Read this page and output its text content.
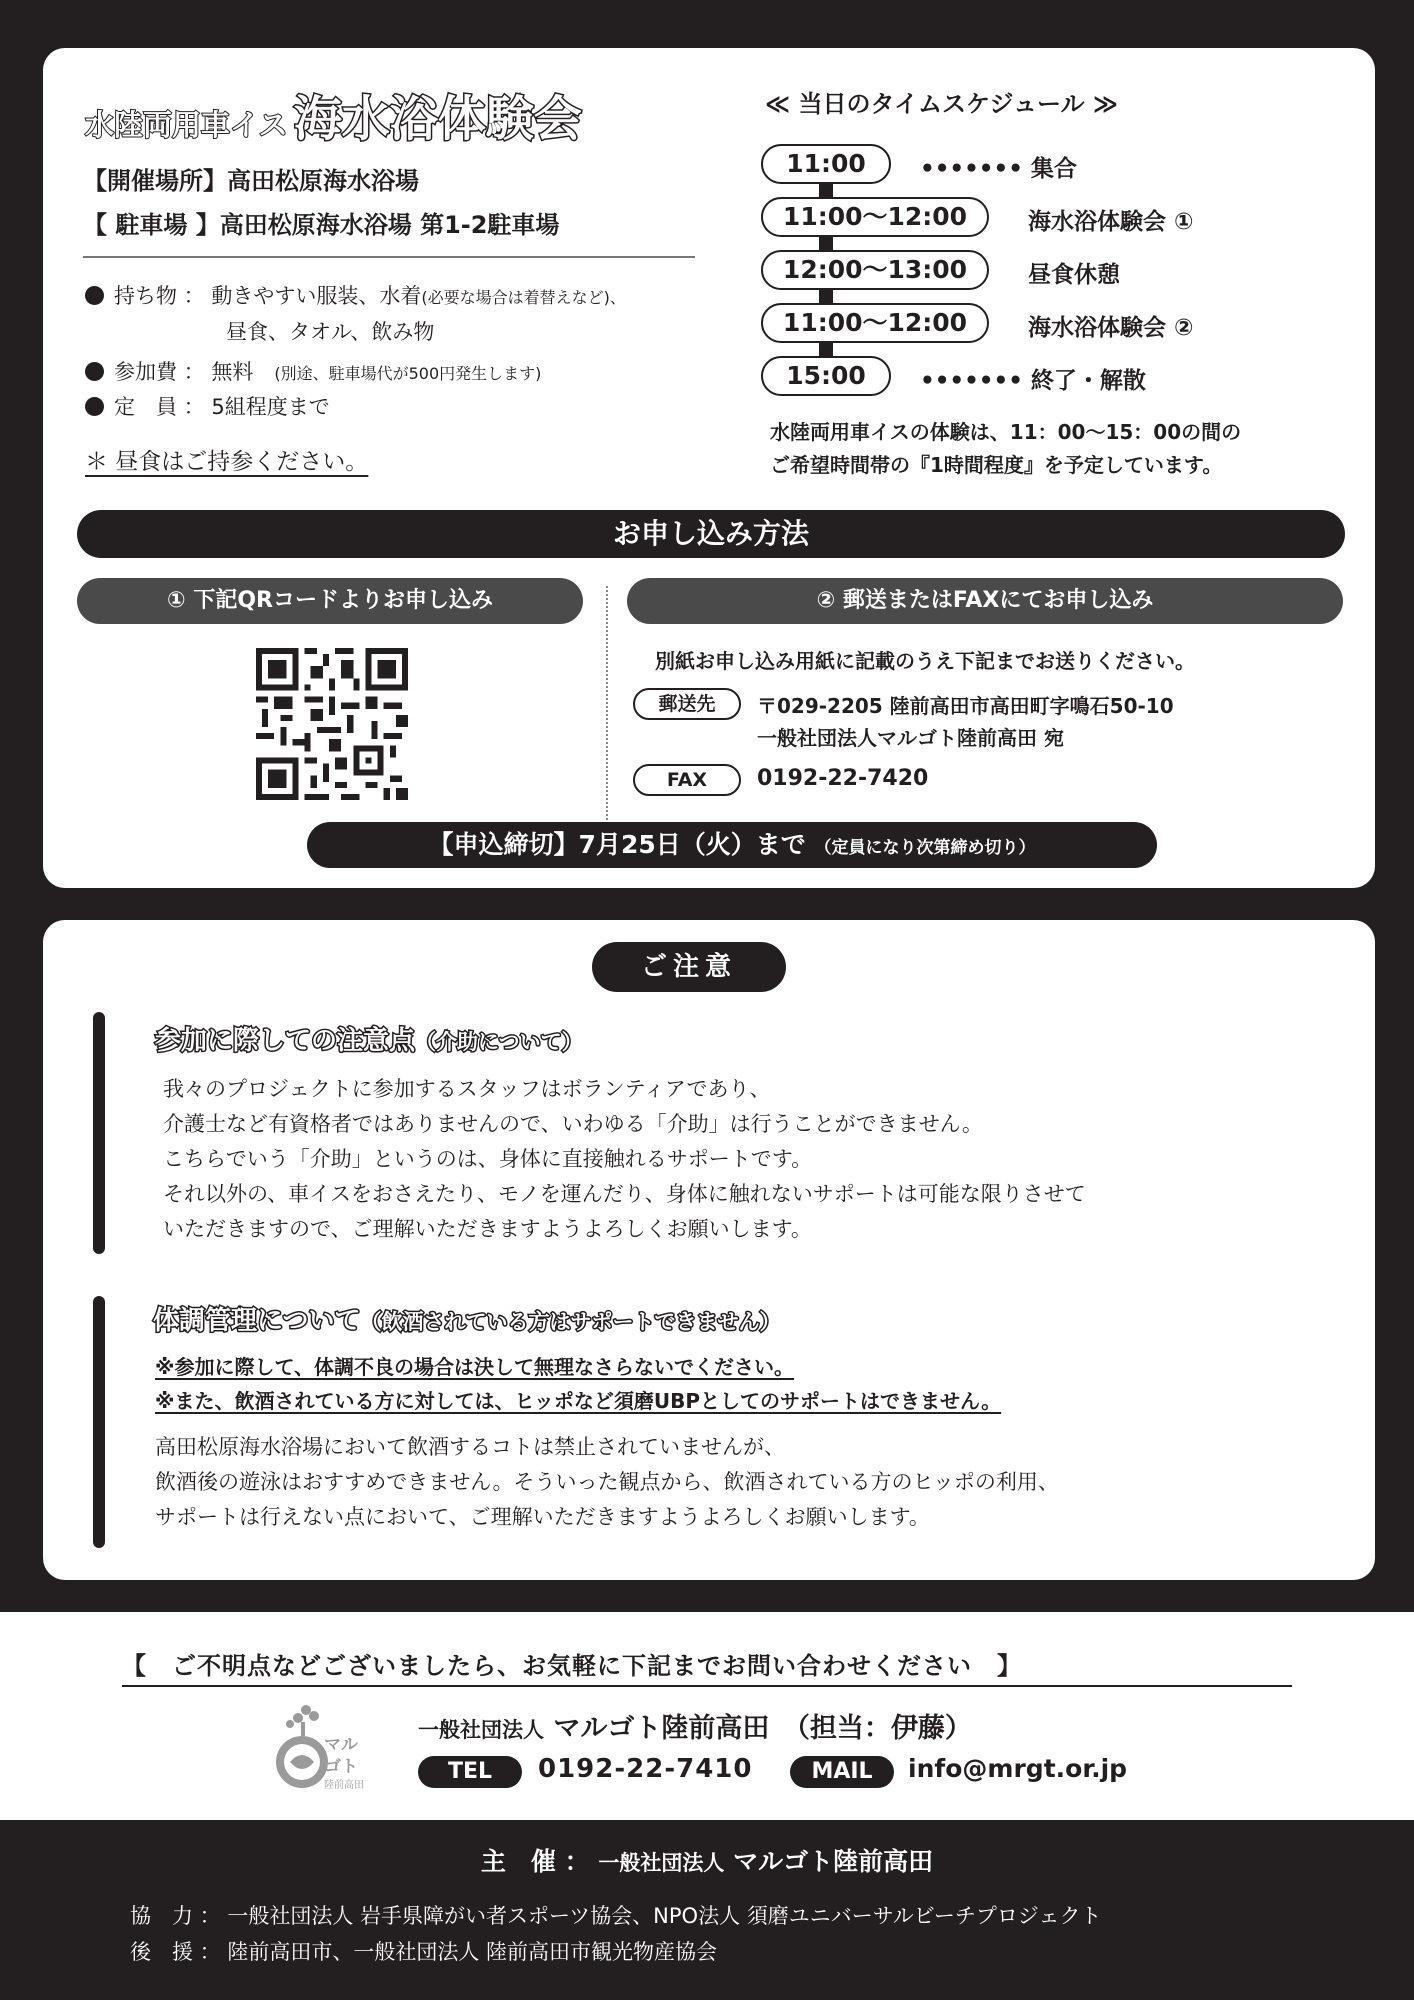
水陸両用車イス 海水浴体験会
【開催場所】高田松原海水浴場
【 駐車場 】高田松原海水浴場 第1-2駐車場
持ち物 ： 動きやすい服装、水着(必要な場合は着替えなど)、
昼食、タオル、飲み物
参加費 ： 無料　 (別途、駐車場代が500円発生します)
定　員 ： 5組程度まで
＊ 昼食はご持参ください。
≪ 当日のタイムスケジュール ≫
11:00	••••••• 集合
11:00～12:00	海水浴体験会 ①
12:00～13:00	昼食休憩
11:00～12:00	海水浴体験会 ②
15:00	••••••• 終了・解散
水陸両用車イスの体験は、11：00～15：00の間の
ご希望時間帯の『1時間程度』を予定しています。
お申し込み方法
① 下記QRコードよりお申し込み	② 郵送またはFAXにてお申し込み
別紙お申し込み用紙に記載のうえ下記までお送りください。
郵送先	〒029-2205 陸前高田市高田町字鳴石50-10
一般社団法人マルゴト陸前高田 宛
FAX	0192-22-7420
【申込締切】7月25日（火）まで （定員になり次第締め切り）
ご注意
参加に際しての注意点（介助について）
我々のプロジェクトに参加するスタッフはボランティアであり、
介護士など有資格者ではありませんので、いわゆる「介助」は行うことができません。
こちらでいう「介助」というのは、身体に直接触れるサポートです。
それ以外の、車イスをおさえたり、モノを運んだり、身体に触れないサポートは可能な限りさせて
いただきますので、ご理解いただきますようよろしくお願いします。
体調管理について（飲酒されている方はサポートできません）
※参加に際して、体調不良の場合は決して無理なさらないでください。
※また、飲酒されている方に対しては、ヒッポなど須磨UBPとしてのサポートはできません。
高田松原海水浴場において飲酒するコトは禁止されていませんが、
飲酒後の遊泳はおすすめできません。そういった観点から、飲酒されている方のヒッポの利用、
サポートは行えない点において、ご理解いただきますようよろしくお願いします。
【　ご不明点などございましたら、お気軽に下記までお問い合わせください　】
マル
ゴト
陸前高田
一般社団法人 マルゴト陸前高田　（担当：伊藤）
TEL	0192-22-7410	MAIL	info@mrgt.or.jp
主　催 ： 一般社団法人 マルゴト陸前高田
協　力 ： 一般社団法人 岩手県障がい者スポーツ協会、NPO法人 須磨ユニバーサルビーチプロジェクト
後　援 ： 陸前高田市、一般社団法人 陸前高田市観光物産協会
